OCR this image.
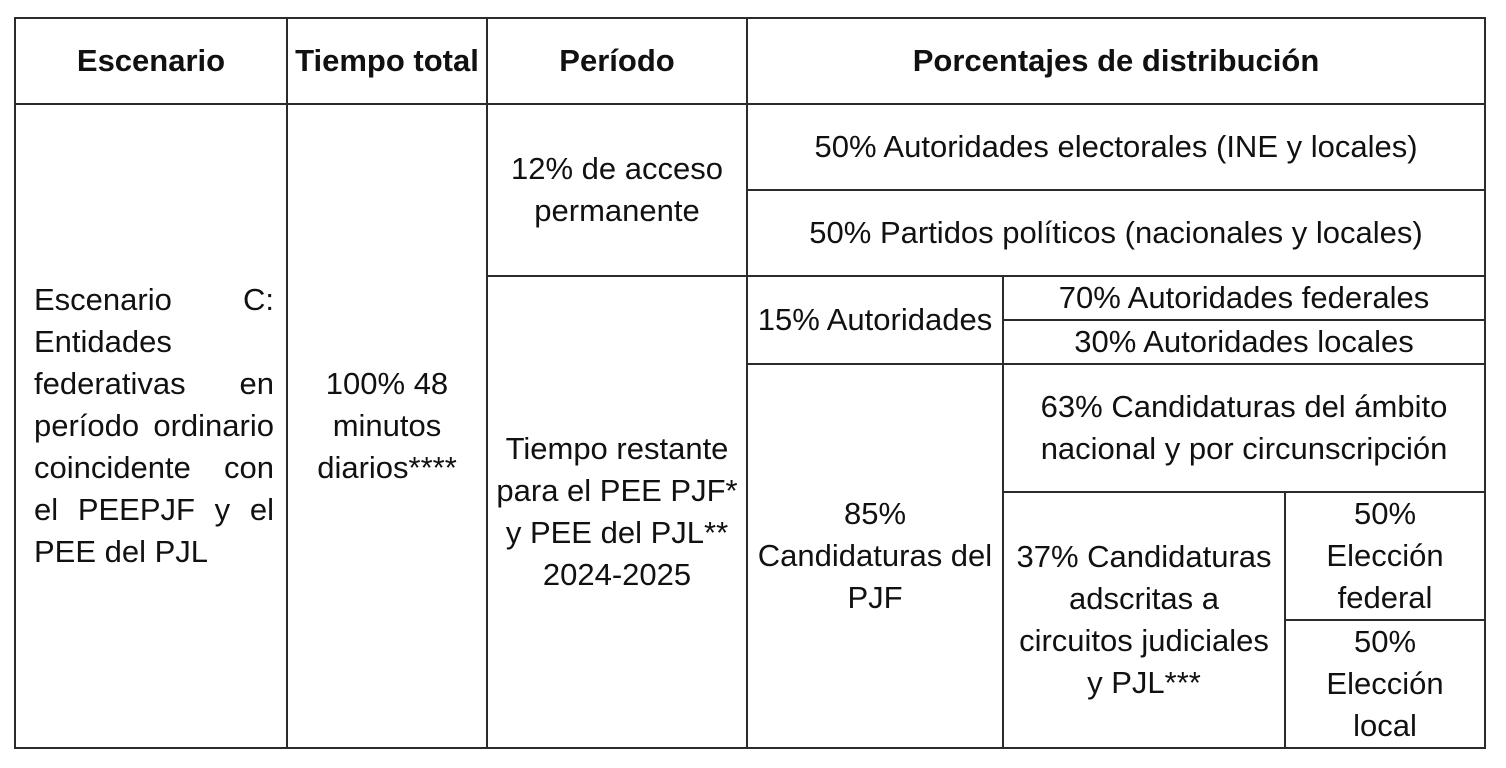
Escenario	Tiempo total	Período	Porcentajes de distribución		
Escenario C: Entidades federativas en período ordinario coincidente con el PEEPJF y el PEE del PJL	100% 48 minutos diarios****	12% de acceso permanente	50% Autoridades electorales (INE y locales)		
			50% Partidos políticos (nacionales y locales)		
		Tiempo restante para el PEE PJF* y PEE del PJL** 2024-2025	15% Autoridades	70% Autoridades federales	
				30% Autoridades locales	
			85% Candidaturas del PJF	63% Candidaturas del ámbito nacional y por circunscripción	
				37% Candidaturas adscritas a circuitos judiciales y PJL***	50% Elección federal
					50% Elección local
